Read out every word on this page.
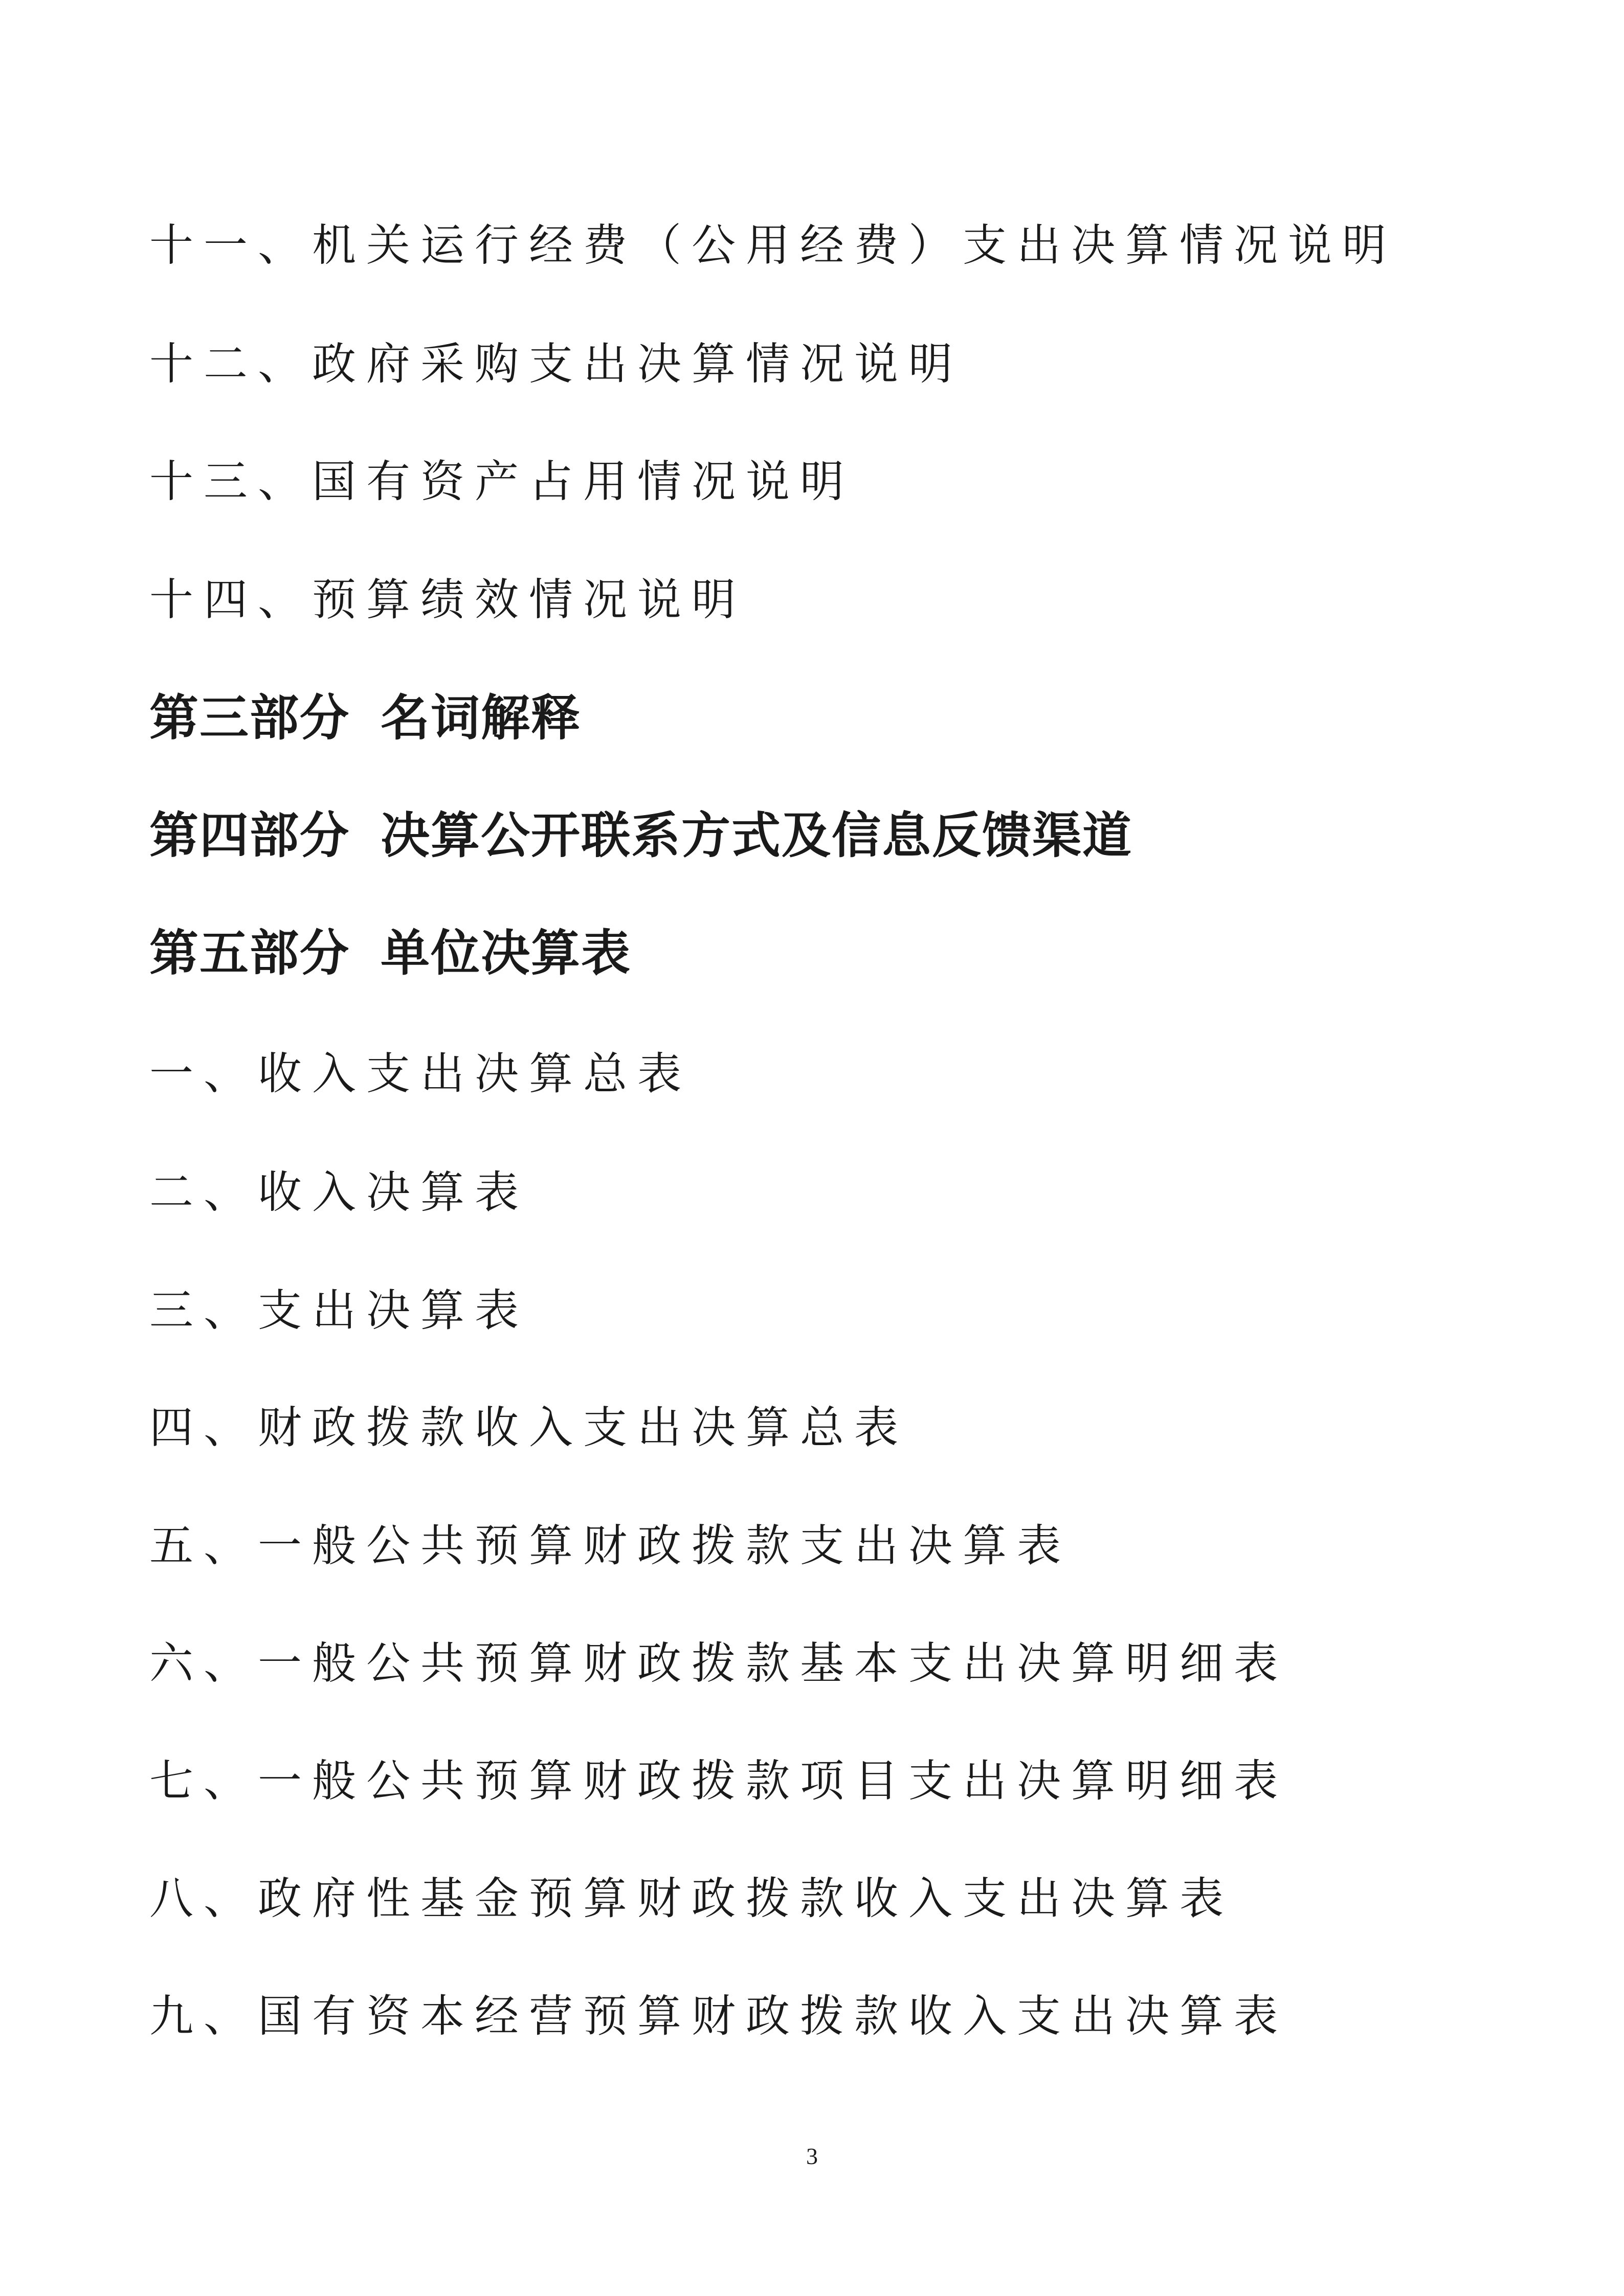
十一、机关运行经费（公用经费）支出决算情况说明
十二、政府采购支出决算情况说明
十三、国有资产占用情况说明
十四、预算绩效情况说明
第三部分 名词解释
第四部分 决算公开联系方式及信息反馈渠道
第五部分 单位决算表
一、收入支出决算总表
二、收入决算表
三、支出决算表
四、财政拨款收入支出决算总表
五、一般公共预算财政拨款支出决算表
六、一般公共预算财政拨款基本支出决算明细表
七、一般公共预算财政拨款项目支出决算明细表
八、政府性基金预算财政拨款收入支出决算表
九、国有资本经营预算财政拨款收入支出决算表
3
